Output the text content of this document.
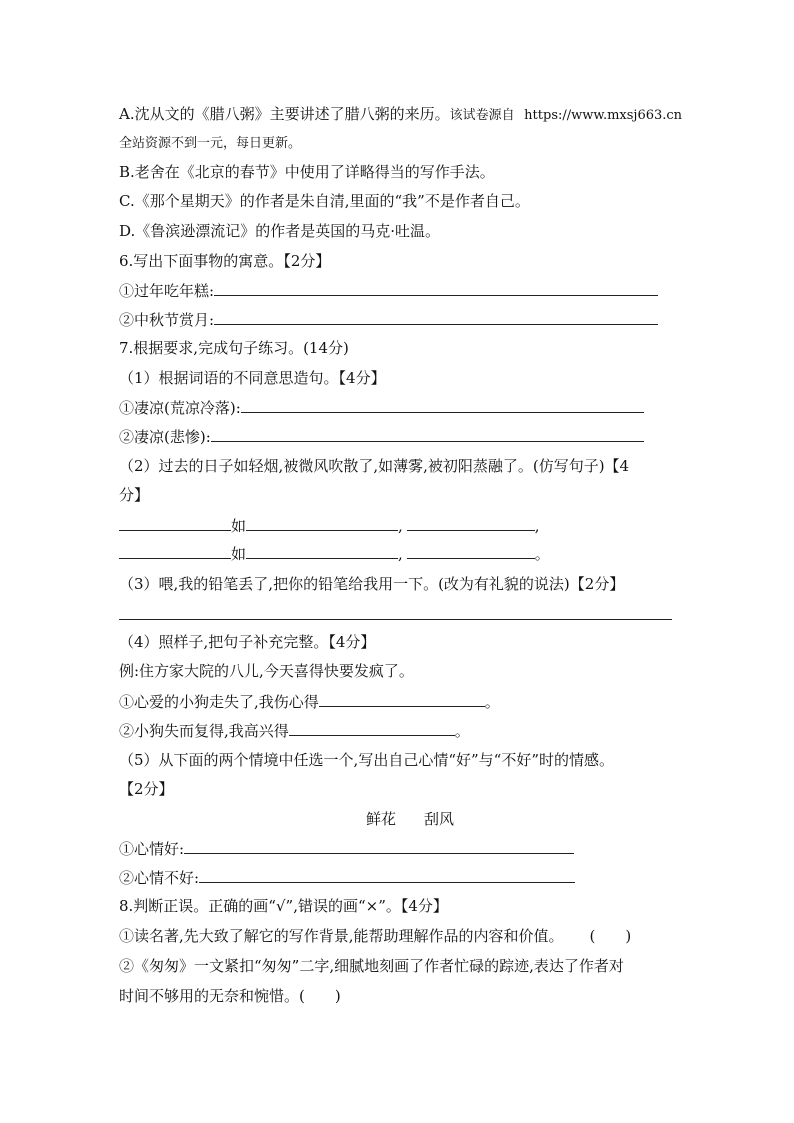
A.沈从文的《腊八粥》主要讲述了腊八粥的来历。该试卷源自 https://www.mxsj663.cn
全站资源不到一元，每日更新。
B.老舍在《北京的春节》中使用了详略得当的写作手法。
C.《那个星期天》的作者是朱自清,里面的“我”不是作者自己。
D.《鲁滨逊漂流记》的作者是英国的马克·吐温。
6.写出下面事物的寓意。【2分】
①过年吃年糕:
②中秋节赏月:
7.根据要求,完成句子练习。(14分)
（1）根据词语的不同意思造句。【4分】
①凄凉(荒凉冷落):
②凄凉(悲惨):
（2）过去的日子如轻烟,被微风吹散了,如薄雾,被初阳蒸融了。(仿写句子)【4
分】
如	,	,
如	,	。
（3）喂,我的铅笔丢了,把你的铅笔给我用一下。(改为有礼貌的说法)【2分】
（4）照样子,把句子补充完整。【4分】
例:住方家大院的八儿,今天喜得快要发疯了。
①心爱的小狗走失了,我伤心得	。
②小狗失而复得,我高兴得	。
（5）从下面的两个情境中任选一个,写出自己心情“好”与“不好”时的情感。
【2分】
鲜花 刮风
①心情好:
②心情不好:
8.判断正误。正确的画“√”,错误的画“×”。【4分】
①读名著,先大致了解它的写作背景,能帮助理解作品的内容和价值。 (　　)
②《匆匆》一文紧扣“匆匆”二字,细腻地刻画了作者忙碌的踪迹,表达了作者对
时间不够用的无奈和惋惜。(　　)
